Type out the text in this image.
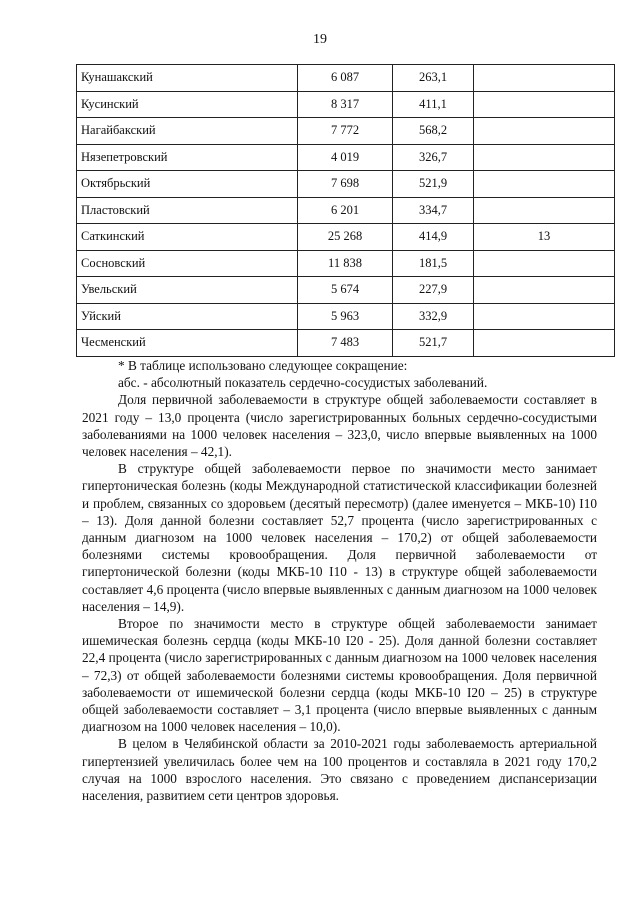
19
Кунашакский	6 087	263,1	
Кусинский	8 317	411,1	
Нагайбакский	7 772	568,2	
Нязепетровский	4 019	326,7	
Октябрьский	7 698	521,9	
Пластовский	6 201	334,7	
Саткинский	25 268	414,9	13
Сосновский	11 838	181,5	
Увельский	5 674	227,9	
Уйский	5 963	332,9	
Чесменский	7 483	521,7	

* В таблице использовано следующее сокращение:

абс. - абсолютный показатель сердечно-сосудистых заболеваний.

Доля первичной заболеваемости в структуре общей заболеваемости составляет в 2021 году – 13,0 процента (число зарегистрированных больных сердечно-сосудистыми заболеваниями на 1000 человек населения – 323,0, число впервые выявленных на 1000 человек населения – 42,1).

В структуре общей заболеваемости первое по значимости место занимает гипертоническая болезнь (коды Международной статистической классификации болезней и проблем, связанных со здоровьем (десятый пересмотр) (далее именуется – МКБ-10) I10 – 13). Доля данной болезни составляет 52,7 процента (число зарегистрированных с данным диагнозом на 1000 человек населения – 170,2) от общей заболеваемости болезнями системы кровообращения. Доля первичной заболеваемости от гипертонической болезни (коды МКБ-10 I10 - 13) в структуре общей заболеваемости составляет 4,6 процента (число впервые выявленных с данным диагнозом на 1000 человек населения – 14,9).

Второе по значимости место в структуре общей заболеваемости занимает ишемическая болезнь сердца (коды МКБ-10 I20 - 25). Доля данной болезни составляет 22,4 процента (число зарегистрированных с данным диагнозом на 1000 человек населения – 72,3) от общей заболеваемости болезнями системы кровообращения. Доля первичной заболеваемости от ишемической болезни сердца (коды МКБ-10 I20 – 25) в структуре общей заболеваемости составляет – 3,1 процента (число впервые выявленных с данным диагнозом на 1000 человек населения – 10,0).

В целом в Челябинской области за 2010-2021 годы заболеваемость артериальной гипертензией увеличилась более чем на 100 процентов и составляла в 2021 году 170,2 случая на 1000 взрослого населения. Это связано с проведением диспансеризации населения, развитием сети центров здоровья.
